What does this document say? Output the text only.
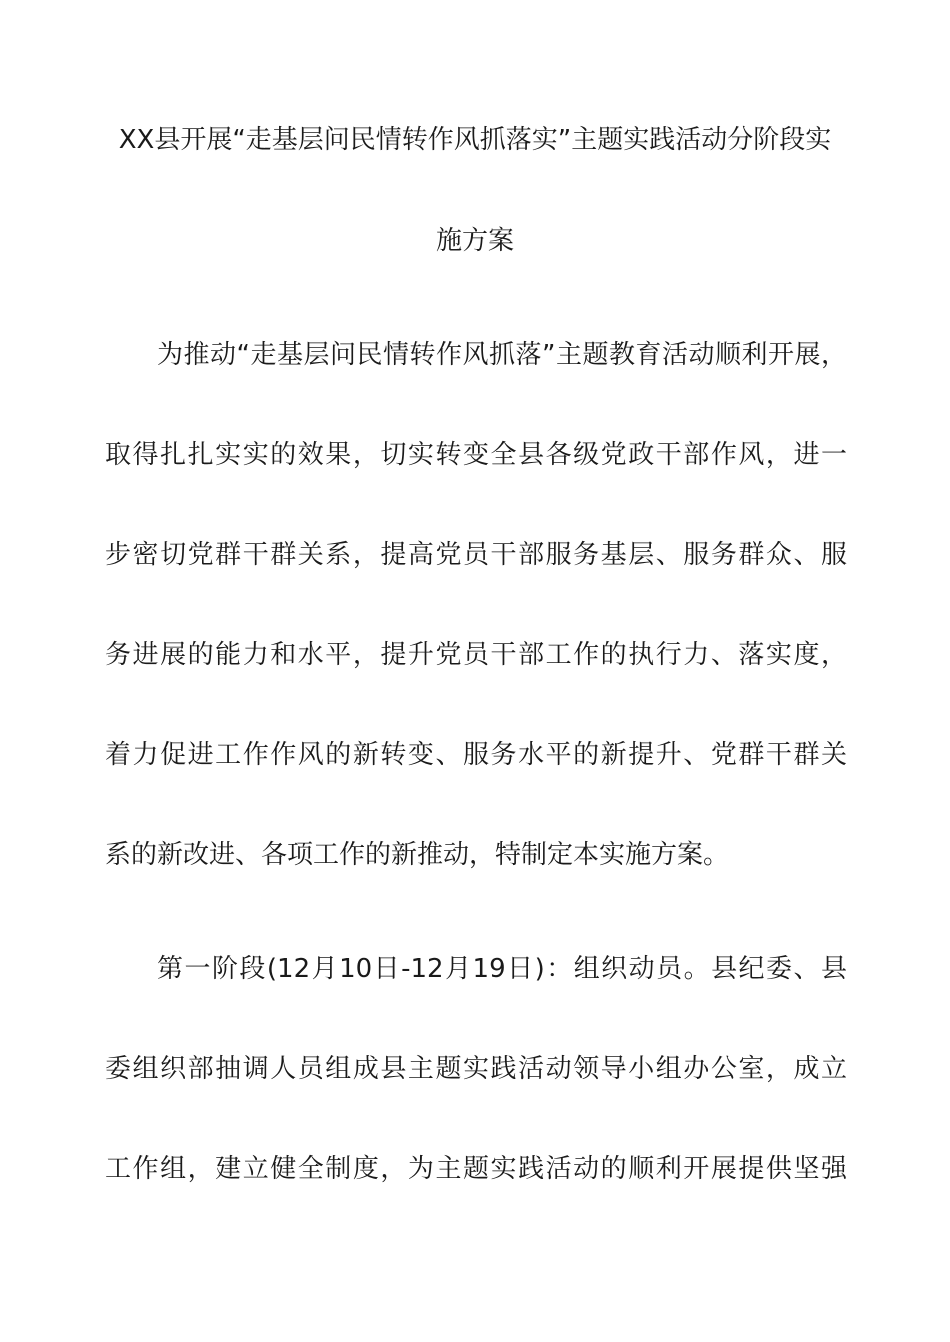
XX县开展“走基层问民情转作风抓落实”主题实践活动分阶段实
施方案
为推动“走基层问民情转作风抓落”主题教育活动顺利开展，
取得扎扎实实的效果，切实转变全县各级党政干部作风，进一
步密切党群干群关系，提高党员干部服务基层、服务群众、服
务进展的能力和水平，提升党员干部工作的执行力、落实度，
着力促进工作作风的新转变、服务水平的新提升、党群干群关
系的新改进、各项工作的新推动，特制定本实施方案。
第一阶段(12月10日-12月19日)：组织动员。县纪委、县
委组织部抽调人员组成县主题实践活动领导小组办公室，成立
工作组，建立健全制度，为主题实践活动的顺利开展提供坚强
